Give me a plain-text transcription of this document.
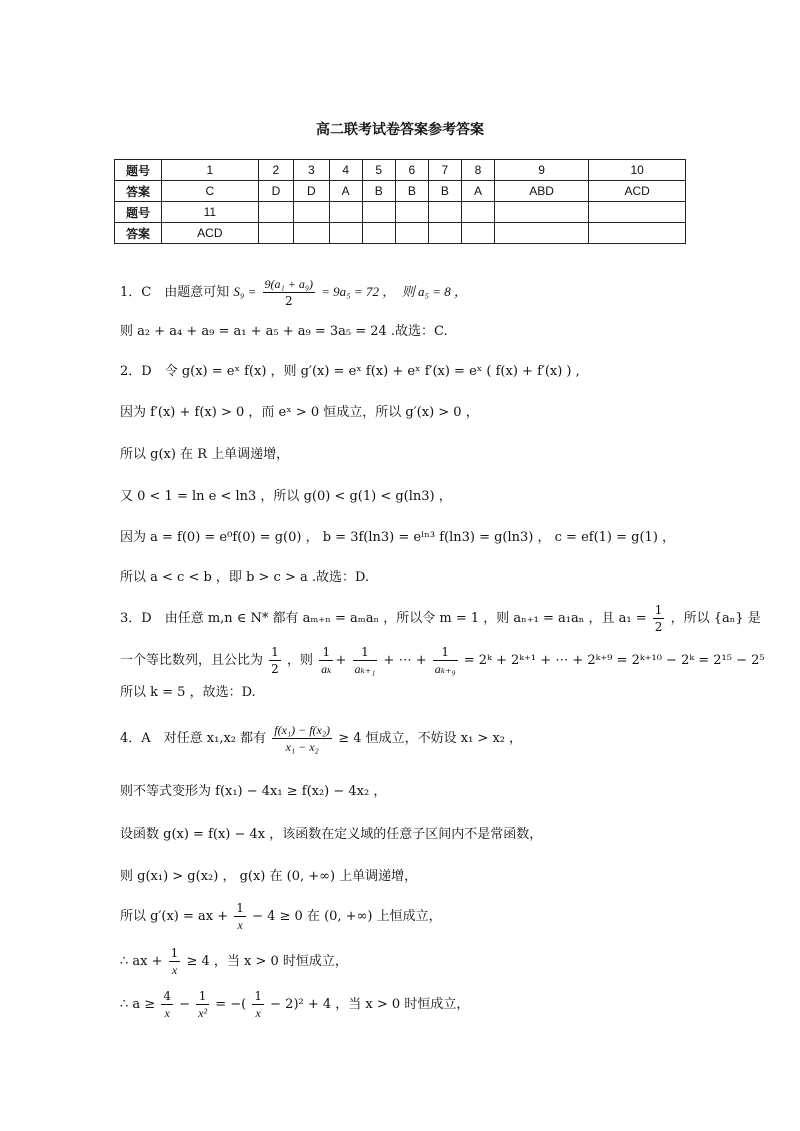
高二联考试卷答案参考答案
题号	1	2	3	4	5	6	7	8	9	10
答案	C	D	D	A	B	B	B	A	ABD	ACD
题号	11									
答案	ACD									
1．C　由题意可知 $S_9 = \frac{\text{9(a₁ + a₉)}}{2} = 9a_5 = 72$ ，　则 a₅ = 8 ，
则 a₂ + a₄ + a₉ = a₁ + a₅ + a₉ = 3a₅ = 24 .故选：C.
2．D　令 g(x) = eˣ f(x) ，则 g′(x) = eˣ f(x) + eˣ f′(x) = eˣ ( f(x) + f′(x) ) ,
因为 f′(x) + f(x) > 0 ，而 eˣ > 0 恒成立，所以 g′(x) > 0 ，
所以 g(x) 在 R 上单调递增，
又 0 < 1 = ln e < ln3 ，所以 g(0) < g(1) < g(ln3) ，
因为 a = f(0) = e⁰f(0) = g(0) ， b = 3f(ln3) = eˡⁿ³ f(ln3) = g(ln3) ， c = ef(1) = g(1) ，
所以 a < c < b ，即 b > c > a .故选：D.
3．D　由任意 m,n ∈ N* 都有 aₘ₊ₙ = aₘaₙ ，所以令 m = 1 ，则 aₙ₊₁ = a₁aₙ ，且 $a_1 = \frac{1}{2}$ ，所以 {aₙ} 是
一个等比数列，且公比为 $\frac{1}{2}$ ，则 $\frac{1}{\text{aₖ}} + \frac{1}{\text{aₖ₊₁}}$ + ⋯ + $\frac{1}{\text{aₖ₊₉}}$ = 2ᵏ + 2ᵏ⁺¹ + ⋯ + 2ᵏ⁺⁹ = 2ᵏ⁺¹⁰ − 2ᵏ = 2¹⁵ − 2⁵
所以 k = 5 ，故选：D.
4．A　对任意 x₁,x₂ 都有 $\frac{\text{f(x₁) − f(x₂)}}{\text{x₁ − x₂}} \ge 4$ 恒成立，不妨设 x₁ > x₂ ，
则不等式变形为 f(x₁) − 4x₁ ≥ f(x₂) − 4x₂ ，
设函数 g(x) = f(x) − 4x ，该函数在定义域的任意子区间内不是常函数，
则 g(x₁) > g(x₂) ， g(x) 在 (0, +∞) 上单调递增，
所以 g′(x) = ax + $\frac{1}{x} - 4 \ge 0$ 在 (0, +∞) 上恒成立，
∴ ax + $\frac{1}{x} \ge 4$ ，当 x > 0 时恒成立，
∴ $a \ge \frac{4}{x} - \frac{1}{\text{x²}}$ = −( $\frac{1}{x} - 2)^2 + 4$ ，当 x > 0 时恒成立，
